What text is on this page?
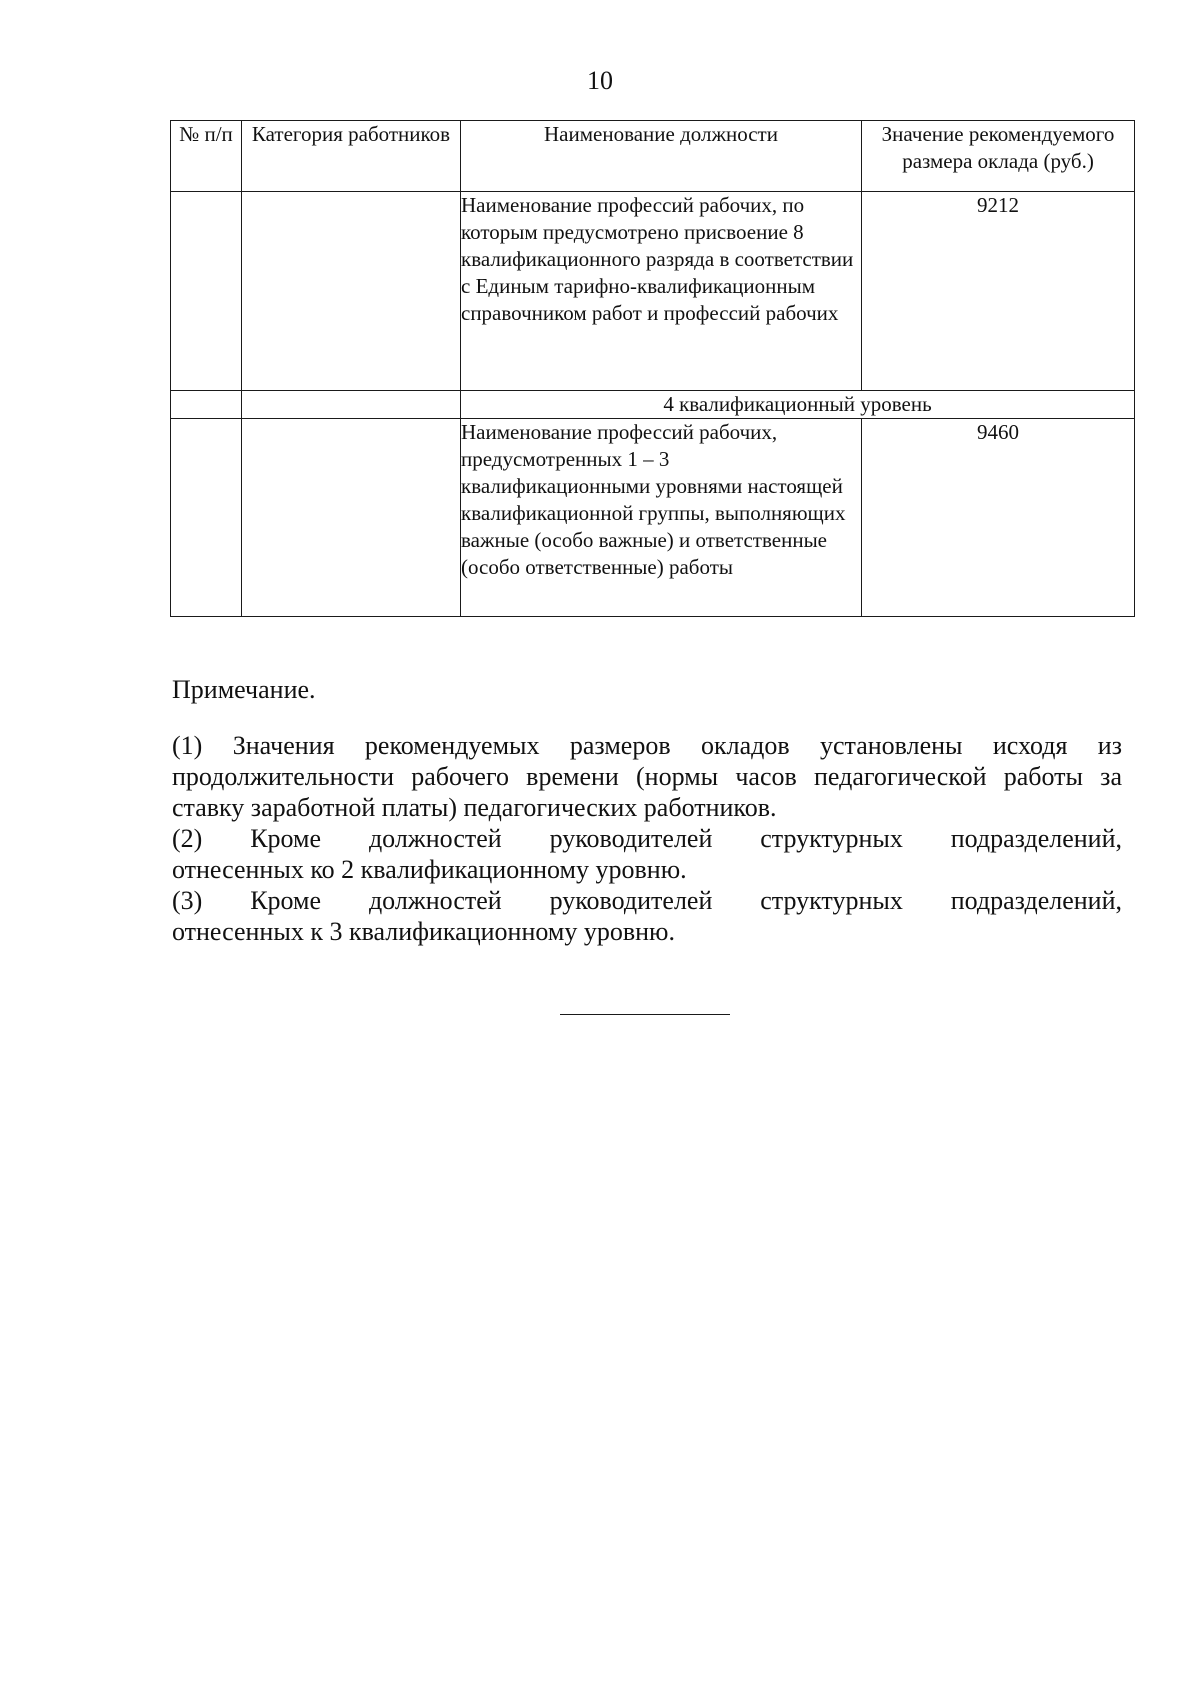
10
№ п/п	Категория работников	Наименование должности	Значение рекомендуемого размера оклада (руб.)
		Наименование профессий рабочих, по которым предусмотрено присвоение 8 квалификационного разряда в соответствии с Единым тарифно-квалификационным справочником работ и профессий рабочих	9212
		4 квалификационный уровень	
		Наименование профессий рабочих, предусмотренных 1 – 3 квалификационными уровнями настоящей квалификационной группы, выполняющих важные (особо важные) и ответственные (особо ответственные) работы	9460

Примечание.

(1) Значения рекомендуемых размеров окладов установлены исходя из
продолжительности рабочего времени (нормы часов педагогической работы за
ставку заработной платы) педагогических работников.

(2) Кроме должностей руководителей структурных подразделений,
отнесенных ко 2 квалификационному уровню.

(3) Кроме должностей руководителей структурных подразделений,
отнесенных к 3 квалификационному уровню.
